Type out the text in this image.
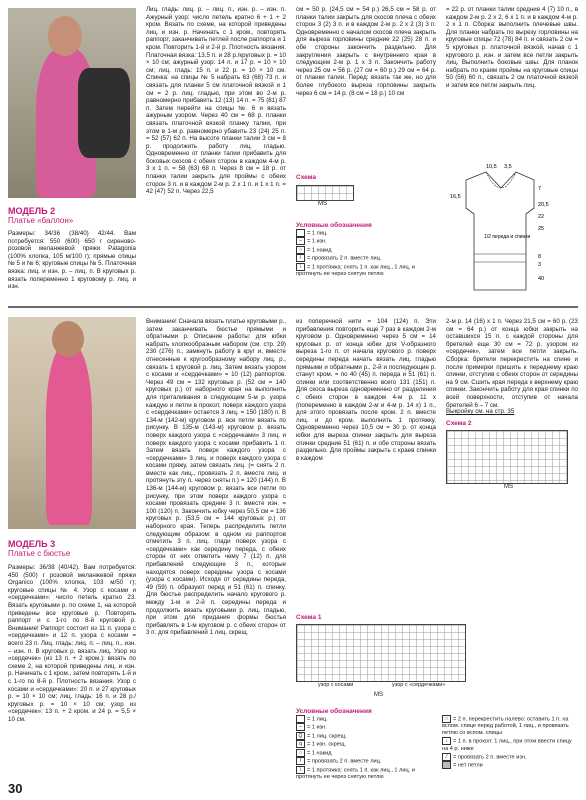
МОДЕЛЬ 2
Платье «баллон»
Размеры: 34/36 (38/40) 42/44. Вам потребуется: 550 (600) 650 г сиреново-розовой меланжевой пряжи Patagonia (100% хлопка, 105 м/100 г); прямые спицы № 5 и № 6; круговые спицы № 5. Платочная вязка: лиц. и изн. р. – лиц. п. В круговых р. вязать попеременно 1 круговому р. лиц. и изн.
Лиц. гладь: лиц. р. – лиц. п., изн. р. – изн. п. Ажурный узор: число петель кратно 6 + 1 + 2 кром. Вязать по схеме, на которой приведены лиц. и изн. р. Начинать с 1 кром., повторять раппорт, заканчивать петлей после раппорта и 1 кром. Повторить 1-й и 2-й р. Плотность вязания. Платочная вязка: 13,5 п. и 28 р./круговых р. = 10 × 10 см; ажурный узор: 14 п. и 17 р. = 10 × 10 см; лиц. гладь: 15 п. и 22 р. = 10 × 10 см. Спинка: на спицы № 5 набрать 63 (68) 73 п. и связать для планки 5 см платочной вязкой и 1 см = 2 р. лиц. гладью, при этом во 2-м р. равномерно прибавить 12 (13) 14 п. = 75 (81) 87 п. Затем перейти на спицы № 6 и вязать ажурным узором. Через 40 см = 68 р. планки связать платочной вязкой планку талии, при этом в 1-м р. равномерно убавить 23 (24) 25 п. = 52 (57) 62 п. На высоте планки талии 3 см = 8 р. продолжить работу лиц. гладью. Одновременно от планки талии прибавить для боковых скосов с обеих сторон в каждом 4-м р. 3 x 1 п. = 58 (63) 68 п. Через 8 см = 18 р. от планки талии закрыть для проймы с обеих сторон 3 п. и в каждом 2-м р. 2 x 1 п. и 1 x 1 п. = 42 (47) 52 п. Через 22,5
см = 50 р. (24,5 см = 54 р.) 26,5 см = 58 р. от планки талии закрыть для скосов плеча с обеих сторон 3 (2) 3 п. и в каждом 2-м р. 2 x 2 (3) 3 п. Одновременно с началом скосов плеча закрыть для выреза горловины средние 22 (25) 28 п. и обе стороны закончить раздельно. Для закругления закрыть с внутреннего края в следующем 2-м р. 1 x 3 п. Закончить работу через 25 см = 56 р. (27 см = 60 р.) 29 см = 64 р. от планки талии. Перед: вязать так же, но для более глубокого выреза горловины закрыть через 6 см = 14 р. (8 см = 18 р.) 10 см
= 22 р. от планки талии средние 4 (7) 10 п., в каждом 2-м р. 2 x 2, 6 x 1 п. и в каждом 4-м р. 2 x 1 п. Сборка: выполнить плечевые швы. Для планки набрать по вырезу горловины на круговые спицы 72 (78) 84 п. и связать 2 см = 5 круговых р. платочной вязкой, начав с 1 кругового р. изн. и затем все петли закрыть лиц. Выполнить боковые швы. Для планок набрать по краям проймы на круговые спицы 50 (56) 60 п., связать 2 см платочной вязкой и затем все петли закрыть лиц.
Схема
MS
Условные обозначения
= 1 лиц.
– = 1 изн.
○ = 1 накид
/ = провязать 2 п. вместе лиц.
\ = 1 протяжка: снять 1 п. как лиц., 1 лиц. и протянуть ее через снятую петлю
10,5 3,5
7
20,5
22
25
1/2 переда и спинки
8
3
40
16,5
МОДЕЛЬ 3
Платье с бюстье
Размеры: 36/38 (40/42). Вам потребуется: 450 (500) г розовой меланжевой пряжи Organico (100% хлопка, 103 м/50 г); круговые спицы № 4. Узор с косами и «сердечками»: число петель кратно 23. Вязать круговыми р. по схеме 1, на которой приведены все круговые р. Повторять раппорт и с 1-го по 8-й круговой р. Внимание! Раппорт состоит из 11 п. узора с «сердечками» и 12 п. узора с косами = всего 23 п. Лиц. гладь: лиц. п. – лиц. п., изн. – изн. п. В круговых р. вязать лиц. Узор из «сердечек» (из 13 п. + 2 кром.): вязать по схеме 2, на которой приведены лиц. и изн. р. Начинать с 1 кром., затем повторять 1-й и с 1-го по 8-й р. Плотность вязания. Узор с косами и «сердечками»: 20 п. и 27 круговых р. = 10 × 10 см; лиц. гладь: 16 п. и 28 р./круговых р. = 10 × 10 см; узор из «сердечек»: 13 п. + 2 кром. и 24 р. = 5,5 × 10 см.
Внимание! Сначала вязать платье круговыми р., затем заканчивать бюстье прямыми и обратными р. Описание работы: для юбки набрать хлопкообразным набором (см. стр. 29) 230 (276) п., замкнуть работу в круг и, вместе отнесенные к кругообразному набору лиц. р., связать 1 круговой р. лиц. Затем вязать узором с косами и «сердечками» = 10 (12) раппортов. Через 49 см = 132 круговых р. (52 см = 140 круговых р.) от наборного края на выполнить для приталивания в следующем 5-м р. узора каждую и петли в прокол; поверх каждого узора с «сердечками» остается 3 лиц. = 150 (180) п. В 134-м (142-м) круговом р. все петли вязать по рисунку. В 135-м (143-м) круговом р. вязать поверх каждого узора с «сердечками» 3 лиц. и поверх каждого узора с косами прибавить 1 п. Затем вязать поверх каждого узора с «сердечками» 3 лиц. и поверх каждого узора с косами пряжу, затем связать лиц. (= снять 2 п. вместе как лиц., провязать 2 п. вместе лиц. и протянуть эту п. через сняты п.) = 120 (144) п. В 136-м (144-м) круговом р. вязать все петли по рисунку, при этом поверх каждого узора с косами провязать средние 3 п. вместе изн. = 100 (120) п. Закончить юбку через 50,5 см = 136 круговых р. (53,5 см = 144 круговых р.) от наборного края. Теперь распределить петли следующим образом: в одном из раппортов отметить 3 п. лиц. глади поверх узора с «сердечками» как середину переда, с обеих сторон от них отметить чему 7 (12) п. для прибавлений следующие 3 п., которые находятся поверх середины узора с косами (узора с косами). Исходя от середины переда, 49 (59) п. образуют перед и 51 (61) п. спинку. Для бюстье распределить начало кругового р. между 1-м и 2-й п. середины переда и продолжить вязать круговыми р. лиц. гладью, при этом для придания формы бюстья прибавлять в 1-м круговом р. с обеих сторон от 3 п. для прибавлений 1 лиц. скрещ.
из поперечной нити = 104 (124) п. Эти прибавления повторить еще 7 раз в каждом 2-м круговом р. Одновременно через 5 см = 14 круговых р. от конца юбки для V-образного выреза 1-го п. от начала кругового р. поверх середины переда начать вязать лиц. гладью прямыми и обратными р., 2-й и последующие р. станут кром. = по 40 (45) п. переда и 51 (61) п. спинки или соответственно всего 131 (151) п. Для скоса выреза одновременно от разделения с обеих сторон в каждом 4-м р. 11 x (попеременно в каждом 2-м и 4-м р. 14 x) 1 п., для этого провязать после кром. 2 п. вместе лиц. и до кром. выполнить 1 протяжку. Одновременно через 10,5 см = 30 р. от конца юбки для выреза спинки закрыть для выреза спинки средние 51 (61) п. и обе стороны вязать раздельно. Для проймы закрыть с краев спинки в каждом
2-м р. 14 (16) x 1 п. Через 21,5 см = 60 р. (23 см = 64 р.) от конца юбки закрыть на оставшихся 15 п. с каждой стороны для бретелей еще 30 см = 72 р. узором из «сердечек», затем все петли закрыть. Сборка: бретели перекрестить на спине и после примерки пришить к переднему краю спинки, отступив с обеих сторон от середины на 9 см. Сшить края переда к верхнему краю спинки. Закончить работу для края спинки по всей поверхности, отступив от начала бретелей 6 – 7 см.
Выкройку см. на стр. 35
Схема 2
MS
Схема 1
узор с косами	узор с «сердечками»
MS
Условные обозначения
= 1 лиц.
– = 1 изн.
Q = 1 лиц. скрещ.
q = 1 изн. скрещ.
○ = 1 накид
/ = провязать 2 п. вместе лиц.
\ = 1 протяжка: снять 1 п. как лиц., 1 лиц. и протянуть ее через снятую петлю
⤫ = 2 п. перекрестить налево: оставить 1 п. на вспом. спице перед работой, 1 лиц., и провязать петлю со вспом. спицы
↓ = 1 п. в прокол: 1 лиц., при этом ввести спицу на 4 р. ниже
⁄ = провязать 2 п. вместе изн.
= нет петли
30
